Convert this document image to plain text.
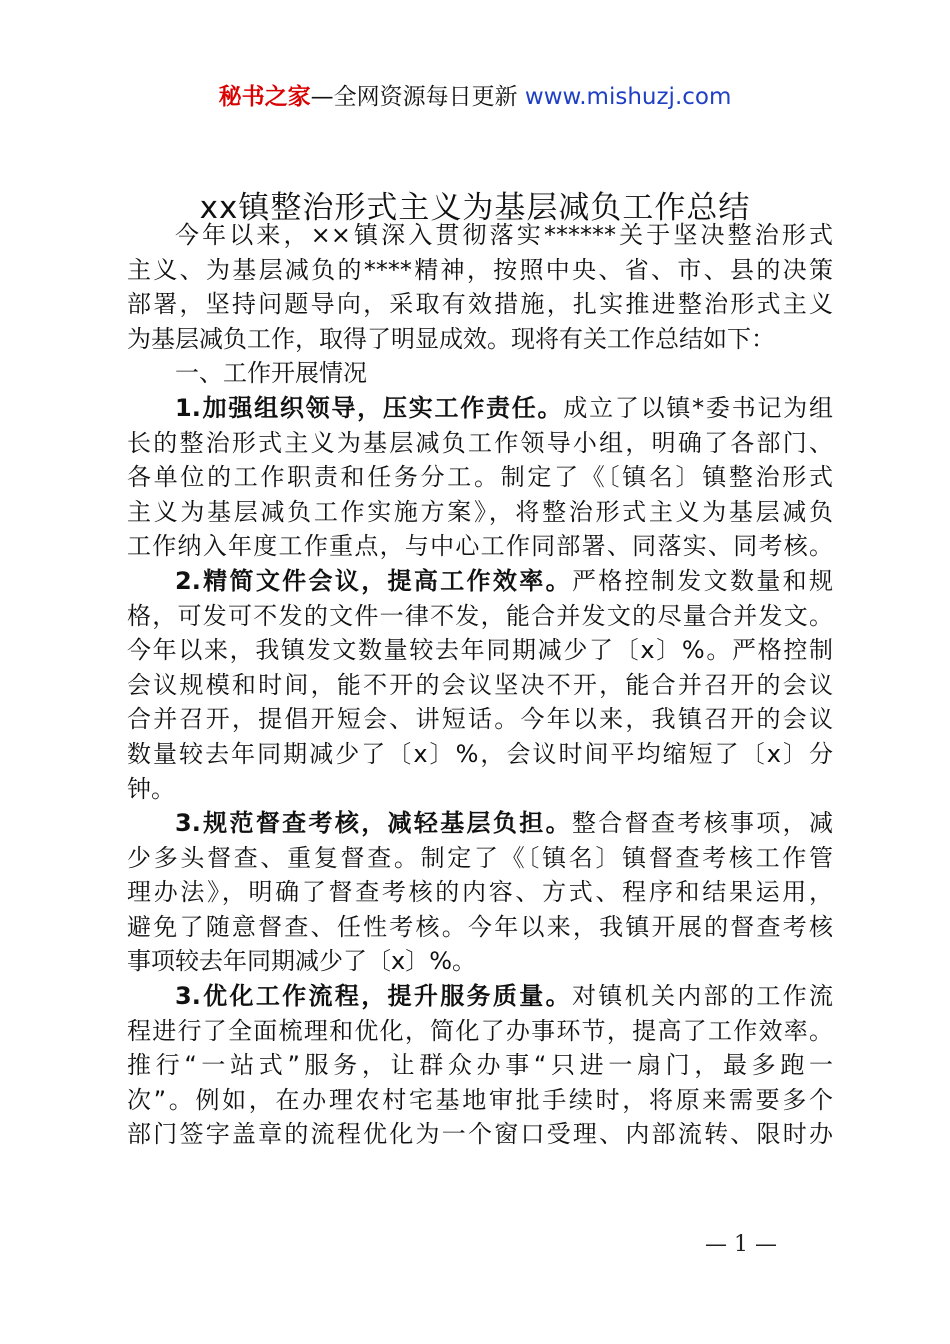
秘书之家—全网资源每日更新 www.mishuzj.com
xx镇整治形式主义为基层减负工作总结
今年以来，××镇深入贯彻落实******关于坚决整治形式
主义、为基层减负的****精神，按照中央、省、市、县的决策
部署，坚持问题导向，采取有效措施，扎实推进整治形式主义
为基层减负工作，取得了明显成效。现将有关工作总结如下：
一、工作开展情况
1.加强组织领导，压实工作责任。成立了以镇*委书记为组
长的整治形式主义为基层减负工作领导小组，明确了各部门、
各单位的工作职责和任务分工。制定了《〔镇名〕镇整治形式
主义为基层减负工作实施方案》，将整治形式主义为基层减负
工作纳入年度工作重点，与中心工作同部署、同落实、同考核。
2.精简文件会议，提高工作效率。严格控制发文数量和规
格，可发可不发的文件一律不发，能合并发文的尽量合并发文。
今年以来，我镇发文数量较去年同期减少了〔x〕%。严格控制
会议规模和时间，能不开的会议坚决不开，能合并召开的会议
合并召开，提倡开短会、讲短话。今年以来，我镇召开的会议
数量较去年同期减少了〔x〕%，会议时间平均缩短了〔x〕分
钟。
3.规范督查考核，减轻基层负担。整合督查考核事项，减
少多头督查、重复督查。制定了《〔镇名〕镇督查考核工作管
理办法》，明确了督查考核的内容、方式、程序和结果运用，
避免了随意督查、任性考核。今年以来，我镇开展的督查考核
事项较去年同期减少了〔x〕%。
3.优化工作流程，提升服务质量。对镇机关内部的工作流
程进行了全面梳理和优化，简化了办事环节，提高了工作效率。
推行“一站式”服务，让群众办事“只进一扇门，最多跑一
次”。例如，在办理农村宅基地审批手续时，将原来需要多个
部门签字盖章的流程优化为一个窗口受理、内部流转、限时办
— 1 —
